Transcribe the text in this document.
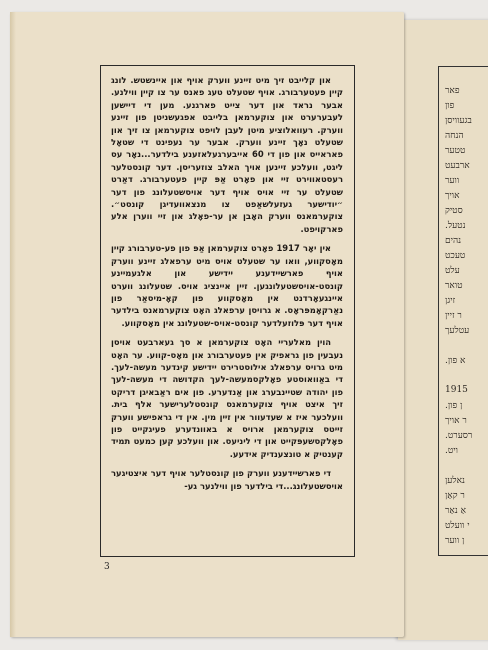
פאר
פון
בגעוויסן
הנחה
טטער
ארבעט
ווער
אויך
סטיק
נטעל.
נהים
טעכט
עלט
טואר
זיגן
ר זיין
עטלעך
א פון.
1915
ן פון.
ר אויך
רסערט.
ויט.
נאלען
ר קאַן
אַ נאַר
י וועלט
ן ווער

און קלייבט זיך מיט זיינע ווערק אויף און איינשטש. לונג קיין פעטערבורג. אויף שטעלט טעג פאנס ער צו קיין ווילנע. אבער נראד און דער צייט פארגנע. מען די דיישען לעבערערט און צוקערמאן בלייבט אפגעשניטן פון זיינע ווערק. רעוואלוציע מיטן לעבן לויפט צוקערמאן צו זיך און שטעלט נאָך זיינע ווערק. אבער ער נעפינט די שטאָל פאראייס און פון די 60 אייבערגעלאזענע בילדער...נאָר עס ליגט, וועלכע זיינען אויך האלב צוזעריסן. דער קונסטלער רעסטאווירט זיי און פאָרט אַפּ קיין פעטערבורג. דאַרט שטעלט ער זיי אויס אויף דער אויסשטעלונג פון דער ״יודישער געזעלשאַפט צו מנצאוועדיגן קונסט״. צוקערמאנס ווערק האָבן אן ער-פאָלג און זיי ווערן אלע פארקויפט.

אין יאָר 1917 פאָרט צוקערמאן אַפּ פון פע-טערבורג קיין מאָסקווע, וואו ער שטעלט אויס מיט ערפאלג זיינע ווערק אויף פארשיידענע יידישע און אלגעמיינע קונסט-אויסשטעלונגען. זיין איינציג אויס. שטעלונג ווערט איינגעאָרדנט אין מאָסקווע פון קאָ-מיסאַר פון נאַרקאָמפּראָס. א גרויסן ערפאלג האָט צוקערמאנס בילדער אויף דער פּלוזעלדער קונסט-אויס-שטעלונג אין מאָסקווע.

הוין מאלעריי האָט צוקערמאן א סך געארבעט אויסן נעבעין פון גראפיק אין פעטערבורג און מאָס-קווע. ער האָט מיט גרויס ערפאלג אילוסטרירט יידישע קינדער מעשה-לעך. די באַוואוסטע פאָלקסמעשה-לעך הקדושה די מעשה-לעך פון יהודה שטיינבערג און אַנדערע. פון אים ראַבאיגן דריקט זיך איצט אויף צוקערמאנס קונסטלערישער אלף בית. וועלכער איז א שעדעוור אין זיין מין. אין די גראפישע ווערק זייטס צוקערמאן ארויס א באוונדערע פעיגקייט פון פאָלקסשעפּקייט און די ליניעס. און וועלכע קען כמעט תמיד קענטיק א טונצענדיק אידעע.

די פארשיידענע ווערק פון קונסטלער אויף דער איצטיגער אויסשטעלונג...די בילדער פון ווילנער גע-

3
